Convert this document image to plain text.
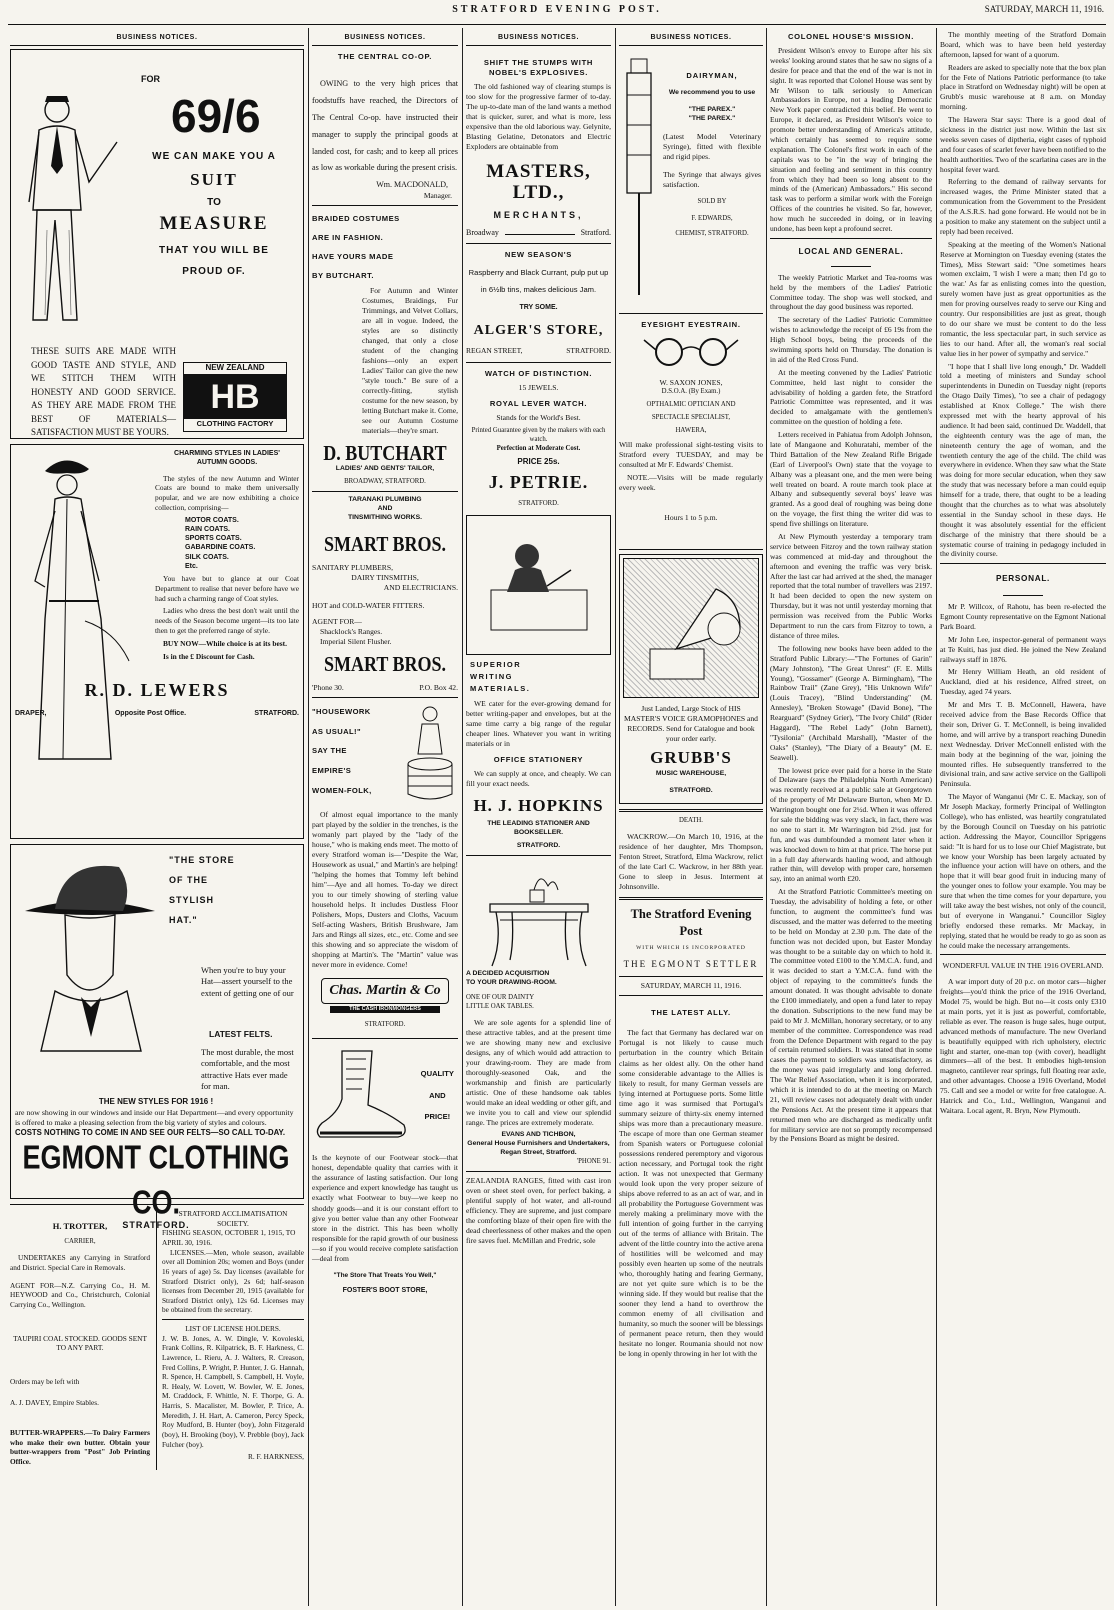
STRATFORD EVENING POST.	SATURDAY, MARCH 11, 1916.
BUSINESS NOTICES.
FOR
69/6
WE CAN MAKE YOU A
SUIT
TO
MEASURE
THAT YOU WILL BE
PROUD OF.
THESE SUITS ARE MADE WITH GOOD TASTE AND STYLE, AND WE STITCH THEM WITH HONESTY AND GOOD SERVICE. AS THEY ARE MADE FROM THE BEST OF MATERIALS—SATISFACTION MUST BE YOURS.
NEW ZEALAND
HB
CLOTHING FACTORY
CHARMING STYLES IN LADIES'
AUTUMN GOODS.

The styles of the new Autumn and Winter Coats are bound to make them universally popular, and we are now exhibiting a choice collection, comprising—

MOTOR COATS.
RAIN COATS.
SPORTS COATS.
GABARDINE COATS.
SILK COATS.
Etc.

You have but to glance at our Coat Department to realise that never before have we had such a charming range of Coat styles.

Ladies who dress the best don't wait until the needs of the Season become urgent—its too late then to get the preferred range of style.

BUY NOW—While choice is at its best.

Is in the £ Discount for Cash.

R. D. LEWERS
DRAPER,	Opposite Post Office.	STRATFORD.
"THE STORE
OF THE
STYLISH
HAT."
When you're to buy your Hat—assert yourself to the extent of getting one of our
LATEST FELTS.
The most durable, the most comfortable, and the most attractive Hats ever made for man.
THE NEW STYLES FOR 1916 !
are now showing in our windows and inside our Hat Department—and every opportunity is offered to make a pleasing selection from the big variety of styles and colours.
COSTS NOTHING TO COME IN AND SEE OUR FELTS—SO CALL TO-DAY.
EGMONT CLOTHING CO.
STRATFORD.
H. TROTTER,
CARRIER,

UNDERTAKES any Carrying in Stratford and District. Special Care in Removals.

AGENT FOR—N.Z. Carrying Co., H. M. HEYWOOD and Co., Christchurch, Colonial Carrying Co., Wellington.

TAUPIRI COAL STOCKED. GOODS SENT TO ANY PART.

Orders may be left with

A. J. DAVEY, Empire Stables.

BUTTER-WRAPPERS.—To Dairy Farmers who make their own butter. Obtain your butter-wrappers from "Post" Job Printing Office.

STRATFORD ACCLIMATISATION SOCIETY.
FISHING SEASON, OCTOBER 1, 1915, TO APRIL 30, 1916.

LICENSES.—Men, whole season, available over all Dominion 20s; women and Boys (under 16 years of age) 5s. Day licenses (available for Stratford District only), 2s 6d; half-season licenses from December 20, 1915 (available for Stratford District only), 12s 6d. Licenses may be obtained from the secretary.

LIST OF LICENSE HOLDERS.

J. W. B. Jones, A. W. Dingle, V. Kovoleski, Frank Collins, R. Kilpatrick, B. F. Harkness, C. Lawrence, L. Rieru, A. J. Walters, R. Creason, Fred Collins, P. Wright, P. Hunter, J. G. Hannah, R. Spence, H. Campbell, S. Campbell, H. Voyle, R. Healy, W. Lovett, W. Bowler, W. E. Jones, M. Craddock, F. Whittle, N. F. Thorpe, G. A. Harris, S. Macalister, M. Bowler, P. Trice, A. Meredith, J. H. Hart, A. Cameron, Percy Speck, Roy Mudford, B. Hunter (boy), John Fitzgerald (boy), H. Brooking (boy), V. Prebble (boy), Jack Fulcher (boy).

R. F. HARKNESS,
BUSINESS NOTICES.
THE CENTRAL CO-OP.

OWING to the very high prices that foodstuffs have reached, the Directors of The Central Co-op. have instructed their manager to supply the principal goods at landed cost, for cash; and to keep all prices as low as workable during the present crisis.

Wm. MACDONALD,
Manager.
BRAIDED COSTUMES
ARE IN FASHION.
HAVE YOURS MADE
BY BUTCHART.

For Autumn and Winter Costumes, Braidings, Fur Trimmings, and Velvet Collars, are all in vogue. Indeed, the styles are so distinctly changed, that only a close student of the changing fashions—only an expert Ladies' Tailor can give the new "style touch." Be sure of a correctly-fitting, stylish costume for the new season, by letting Butchart make it. Come, see our Autumn Costume materials—they're smart.

D. BUTCHART
LADIES' AND GENTS' TAILOR,
BROADWAY, STRATFORD.
TARANAKI PLUMBING
AND
TINSMITHING WORKS.
SMART BROS.
SANITARY PLUMBERS,
DAIRY TINSMITHS,
AND ELECTRICIANS.
HOT and COLD-WATER FITTERS.
AGENT FOR—
Shacklock's Ranges.
Imperial Silent Flusher.
SMART BROS.
'Phone 30.	P.O. Box 42.
"HOUSEWORK
AS USUAL!"
SAY THE
EMPIRE'S
WOMEN-FOLK,

Of almost equal importance to the manly part played by the soldier in the trenches, is the womanly part played by the "lady of the house," who is making ends meet. The motto of every Stratford woman is—"Despite the War, Housework as usual," and Martin's are helping! "helping the homes that Tommy left behind him"—Aye and all homes. To-day we direct you to our timely showing of sterling value household helps. It includes Dustless Floor Polishers, Mops, Dusters and Cloths, Vacuum Self-acting Washers, British Brushware, Jam Jars and Rings all sizes, etc., etc. Come and see this showing and so appreciate the wisdom of shopping at Martin's. The "Martin" value was never more in evidence. Come!

Chas. Martin & Co
THE CASH IRONMONGERS
STRATFORD.
QUALITY
AND
PRICE!

Is the keynote of our Footwear stock—that honest, dependable quality that carries with it the assurance of lasting satisfaction. Our long experience and expert knowledge has taught us exactly what Footwear to buy—we keep no shoddy goods—and it is our constant effort to give you better value than any other Footwear store in the district. This has been wholly responsible for the rapid growth of our business—so if you would receive complete satisfaction—deal from

"The Store That Treats You Well,"
FOSTER'S BOOT STORE,
BUSINESS NOTICES.
SHIFT THE STUMPS WITH
NOBEL'S EXPLOSIVES.

The old fashioned way of clearing stumps is too slow for the progressive farmer of to-day. The up-to-date man of the land wants a method that is quicker, surer, and what is more, less expensive than the old laborious way. Gelynite, Blasting Gelatine, Detonators and Electric Exploders are obtainable from

MASTERS, LTD.,
MERCHANTS,
Broadway	Stratford.
NEW SEASON'S

Raspberry and Black Currant, pulp put up in 6½lb tins, makes delicious Jam.

TRY SOME.
ALGER'S STORE,
REGAN STREET,	STRATFORD.
WATCH OF DISTINCTION.
15 JEWELS.
ROYAL LEVER WATCH.
Stands for the World's Best.
Printed Guarantee given by the makers with each watch.
Perfection at Moderate Cost.
PRICE 25s.
J. PETRIE.
STRATFORD.
SUPERIOR
WRITING
MATERIALS.

WE cater for the ever-growing demand for better writing-paper and envelopes, but at the same time carry a big range of the regular cheaper lines. Whatever you want in writing materials or in

OFFICE STATIONERY

We can supply at once, and cheaply. We can fill your exact needs.

H. J. HOPKINS
THE LEADING STATIONER AND BOOKSELLER.
STRATFORD.
A DECIDED ACQUISITION
TO YOUR DRAWING-ROOM.
ONE OF OUR DAINTY
LITTLE OAK TABLES.

We are sole agents for a splendid line of these attractive tables, and at the present time we are showing many new and exclusive designs, any of which would add attraction to your drawing-room. They are made from thoroughly-seasoned Oak, and the workmanship and finish are particularly artistic. One of these handsome oak tables would make an ideal wedding or other gift, and we invite you to call and view our splendid range. The prices are extremely moderate.

EVANS AND TICHBON,
General House Furnishers and Undertakers, Regan Street, Stratford.
'PHONE 91.

ZEALANDIA RANGES, fitted with cast iron oven or sheet steel oven, for perfect baking, a plentiful supply of hot water, and all-round efficiency. They are supreme, and just compare the comforting blaze of their open fire with the dead cheerlessness of other makes and the open fire saves fuel. McMillan and Fredric, sole

BUSINESS NOTICES.
DAIRYMAN,
We recommend you to use
"THE PAREX."
"THE PAREX."

(Latest Model Veterinary Syringe), fitted with flexible and rigid pipes.

The Syringe that always gives satisfaction.

SOLD BY
F. EDWARDS,
CHEMIST, STRATFORD.
EYESIGHT EYESTRAIN.
W. SAXON JONES,
D.S.O.A. (By Exam.)
OPTHALMIC OPTICIAN AND
SPECTACLE SPECIALIST,
HAWERA,

Will make professional sight-testing visits to Stratford every TUESDAY, and may be consulted at Mr F. Edwards' Chemist.

NOTE.—Visits will be made regularly every week.

Hours 1 to 5 p.m.

Just Landed, Large Stock of HIS MASTER'S VOICE GRAMOPHONES and RECORDS. Send for Catalogue and book your order early.

GRUBB'S
MUSIC WAREHOUSE,
STRATFORD.
DEATH.

WACKROW.—On March 10, 1916, at the residence of her daughter, Mrs Thompson, Fenton Street, Stratford, Elma Wackrow, relict of the late Carl C. Wackrow, in her 88th year. Gone to sleep in Jesus. Interment at Johnsonville.

The Stratford Evening Post
WITH WHICH IS INCORPORATED
THE EGMONT SETTLER
SATURDAY, MARCH 11, 1916.
THE LATEST ALLY.

The fact that Germany has declared war on Portugal is not likely to cause much perturbation in the country which Britain claims as her oldest ally. On the other hand some considerable advantage to the Allies is likely to result, for many German vessels are lying interned at Portuguese ports. Some little time ago it was surmised that Portugal's summary seizure of thirty-six enemy interned ships was more than a precautionary measure. The escape of more than one German steamer from Spanish waters or Portuguese colonial possessions rendered peremptory and vigorous action necessary, and Portugal took the right action. It was not unexpected that Germany would look upon the very proper seizure of ships above referred to as an act of war, and in all probability the Portuguese Government was merely making a preliminary move with the full intention of going further in the carrying out of the terms of alliance with Britain. The advent of the little country into the active arena of hostilities will be welcomed and may possibly even hearten up some of the neutrals who, thoroughly hating and fearing Germany, are not yet quite sure which is to be the winning side. If they would but realise that the sooner they lend a hand to overthrow the common enemy of all civilisation and humanity, so much the sooner will be blessings of permanent peace return, then they would hesitate no longer. Roumania should not now be long in openly throwing in her lot with the

COLONEL HOUSE'S MISSION.

President Wilson's envoy to Europe after his six weeks' looking around states that he saw no signs of a desire for peace and that the end of the war is not in sight. It was reported that Colonel House was sent by Mr Wilson to talk seriously to American Ambassadors in Europe, not a leading Democratic New York paper contradicted this belief. He went to Europe, it declared, as President Wilson's voice to promote better understanding of America's attitude, which certainly has seemed to require some explanation. The Colonel's first work in each of the capitals was to be "in the way of bringing the situation and feeling and sentiment in this country from which they had been so long absent to the minds of the (American) Ambassadors." His second task was to perform a similar work with the Foreign Offices of the countries he visited. So far, however, how much he succeeded in doing, or in leaving undone, has been kept a profound secret.

LOCAL AND GENERAL.

The weekly Patriotic Market and Tea-rooms was held by the members of the Ladies' Patriotic Committee today. The shop was well stocked, and throughout the day good business was reported.

The secretary of the Ladies' Patriotic Committee wishes to acknowledge the receipt of £6 19s from the High School boys, being the proceeds of the swimming sports held on Thursday. The donation is in aid of the Red Cross Fund.

At the meeting convened by the Ladies' Patriotic Committee, held last night to consider the advisability of holding a garden fete, the Stratford Patriotic Committee was represented, and it was decided to amalgamate with the gentlemen's committee on the question of holding a fete.

Letters received in Pahiatua from Adolph Johnson, late of Mangaone and Kohuratahi, member of the Third Battalion of the New Zealand Rifle Brigade (Earl of Liverpool's Own) state that the voyage to Albany was a pleasant one, and the men were being well treated on board. A route march took place at Albany and subsequently several boys' leave was granted. As a good deal of roughing was being done on the voyage, the first thing the writer did was to spend five shillings on literature.

At New Plymouth yesterday a temporary tram service between Fitzroy and the town railway station was commenced at mid-day and throughout the afternoon and evening the traffic was very brisk. After the last car had arrived at the shed, the manager reported that the total number of travellers was 2197. It had been decided to open the new system on Thursday, but it was not until yesterday morning that permission was received from the Public Works Department to run the cars from Fitzroy to town, a distance of three miles.

The following new books have been added to the Stratford Public Library:—"The Fortunes of Garin" (Mary Johnston), "The Great Unrest" (F. E. Mills Young), "Gossamer" (George A. Birmingham), "The Rainbow Trail" (Zane Grey), "His Unknown Wife" (Louis Tracey), "Blind Understanding" (M. Annesley), "Broken Stowage" (David Bone), "The Rearguard" (Sydney Grier), "The Ivory Child" (Rider Haggard), "The Rebel Lady" (John Barnett), "Tysilonia" (Archibald Marshall), "Master of the Oaks" (Stanley), "The Diary of a Beauty" (M. E. Seawell).

The lowest price ever paid for a horse in the State of Delaware (says the Philadelphia North American) was recently received at a public sale at Georgetown of the property of Mr Delaware Burton, when Mr D. Warrington bought one for 2½d. When it was offered for sale the bidding was very slack, in fact, there was no one to start it. Mr Warrington bid 2½d. just for fun, and was dumbfounded a moment later when it was knocked down to him at that price. The horse put in a full day afterwards hauling wood, and although rather thin, will develop with proper care, horsemen say, into an animal worth £20.

At the Stratford Patriotic Committee's meeting on Tuesday, the advisability of holding a fete, or other function, to augment the committee's fund was discussed, and the matter was deferred to the meeting to be held on Monday at 2.30 p.m. The date of the function was not decided upon, but Easter Monday was thought to be a suitable day on which to hold it. The committee voted £100 to the Y.M.C.A. fund, and it was decided to start a Y.M.C.A. fund with the object of repaying to the committee's funds the amount donated. It was thought advisable to donate the £100 immediately, and open a fund later to repay the donation. Subscriptions to the new fund may be paid to Mr J. McMillan, honorary secretary, or to any member of the committee. Correspondence was read from the Defence Department with regard to the pay of certain returned soldiers. It was stated that in some cases the payment to soldiers was unsatisfactory, as the money was paid irregularly and long deferred. The War Relief Association, when it is incorporated, which it is intended to do at the meeting on March 21, will review cases not adequately dealt with under the Pensions Act. At the present time it appears that returned men who are discharged as medically unfit for military service are not so promptly recompensed by the Pensions Board as might be desired.

The monthly meeting of the Stratford Domain Board, which was to have been held yesterday afternoon, lapsed for want of a quorum.

Readers are asked to specially note that the box plan for the Fete of Nations Patriotic performance (to take place in Stratford on Wednesday night) will be open at Grubb's music warehouse at 8 a.m. on Monday morning.

The Hawera Star says: There is a good deal of sickness in the district just now. Within the last six weeks seven cases of diptheria, eight cases of typhoid and four cases of scarlet fever have been notified to the health authorities. Two of the scarlatina cases are in the hospital fever ward.

Referring to the demand of railway servants for increased wages, the Prime Minister stated that a communication from the Government to the President of the A.S.R.S. had gone forward. He would not be in a position to make any statement on the subject until a reply had been received.

Speaking at the meeting of the Women's National Reserve at Mornington on Tuesday evening (states the Times), Miss Stewart said: "One sometimes hears women exclaim, 'I wish I were a man; then I'd go to the war.' As far as enlisting comes into the question, surely women have just as great opportunities as the men for proving ourselves ready to serve our King and country. Our responsibilities are just as great, though to do our share we must be content to do the less romantic, the less spectacular part, in such service as lies to our hand. After all, the woman's real social value lies in her power of sympathy and service."

"I hope that I shall live long enough," Dr. Waddell told a meeting of ministers and Sunday school superintendents in Dunedin on Tuesday night (reports the Otago Daily Times), "to see a chair of pedagogy established at Knox College." The wish there expressed met with the hearty approval of his audience. It had been said, continued Dr. Waddell, that the eighteenth century was the age of man, the nineteenth century the age of woman, and the twentieth century the age of the child. The child was everywhere in evidence. When they saw what the State was doing for more secular education, when they saw the study that was necessary before a man could equip himself for a trade, there, that ought to be a leading thought that the churches as to what was absolutely essential in the Sunday school in these days. He thought it was absolutely essential for the efficient discharge of the ministry that there should be a systematic course of training in pedagogy included in the divinity course.

PERSONAL.

Mr P. Willcox, of Rahotu, has been re-elected the Egmont County representative on the Egmont National Park Board.

Mr John Lee, inspector-general of permanent ways at Te Kuiti, has just died. He joined the New Zealand railways staff in 1876.

Mr Henry William Heath, an old resident of Auckland, died at his residence, Alfred street, on Tuesday, aged 74 years.

Mr and Mrs T. B. McConnell, Hawera, have received advice from the Base Records Office that their son, Driver G. T. McConnell, is being invalided home, and will arrive by a transport reaching Dunedin next Wednesday. Driver McConnell enlisted with the main body at the beginning of the war, joining the mounted rifles. He subsequently transferred to the divisional train, and saw active service on the Gallipoli Peninsula.

The Mayor of Wanganui (Mr C. E. Mackay, son of Mr Joseph Mackay, formerly Principal of Wellington College), who has enlisted, was heartily congratulated by the Borough Council on Tuesday on his patriotic action. Addressing the Mayor, Councillor Spriggens said: "It is hard for us to lose our Chief Magistrate, but we know your Worship has been largely actuated by the influence your action will have on others, and the hope that it will bear good fruit in inducing many of the younger ones to follow your example. You may be sure that when the time comes for your departure, you will take away the best wishes, not only of the council, but of everyone in Wanganui." Councillor Sigley briefly endorsed these remarks. Mr Mackay, in replying, stated that he would be ready to go as soon as he could make the necessary arrangements.

WONDERFUL VALUE IN THE 1916 OVERLAND.

A war import duty of 20 p.c. on motor cars—higher freights—you'd think the price of the 1916 Overland, Model 75, would be high. But no—it costs only £310 at main ports, yet it is just as powerful, comfortable, reliable as ever. The reason is huge sales, huge output, advanced methods of manufacture. The new Overland is beautifully equipped with rich upholstery, electric light and starter, one-man top (with cover), headlight dimmers—all of the best. It embodies high-tension magneto, cantilever rear springs, full floating rear axle, and other advantages. Choose a 1916 Overland, Model 75. Call and see a model or write for free catalogue. A. Hatrick and Co., Ltd., Wellington, Wanganui and Waitara. Local agent, R. Bryn, New Plymouth.
